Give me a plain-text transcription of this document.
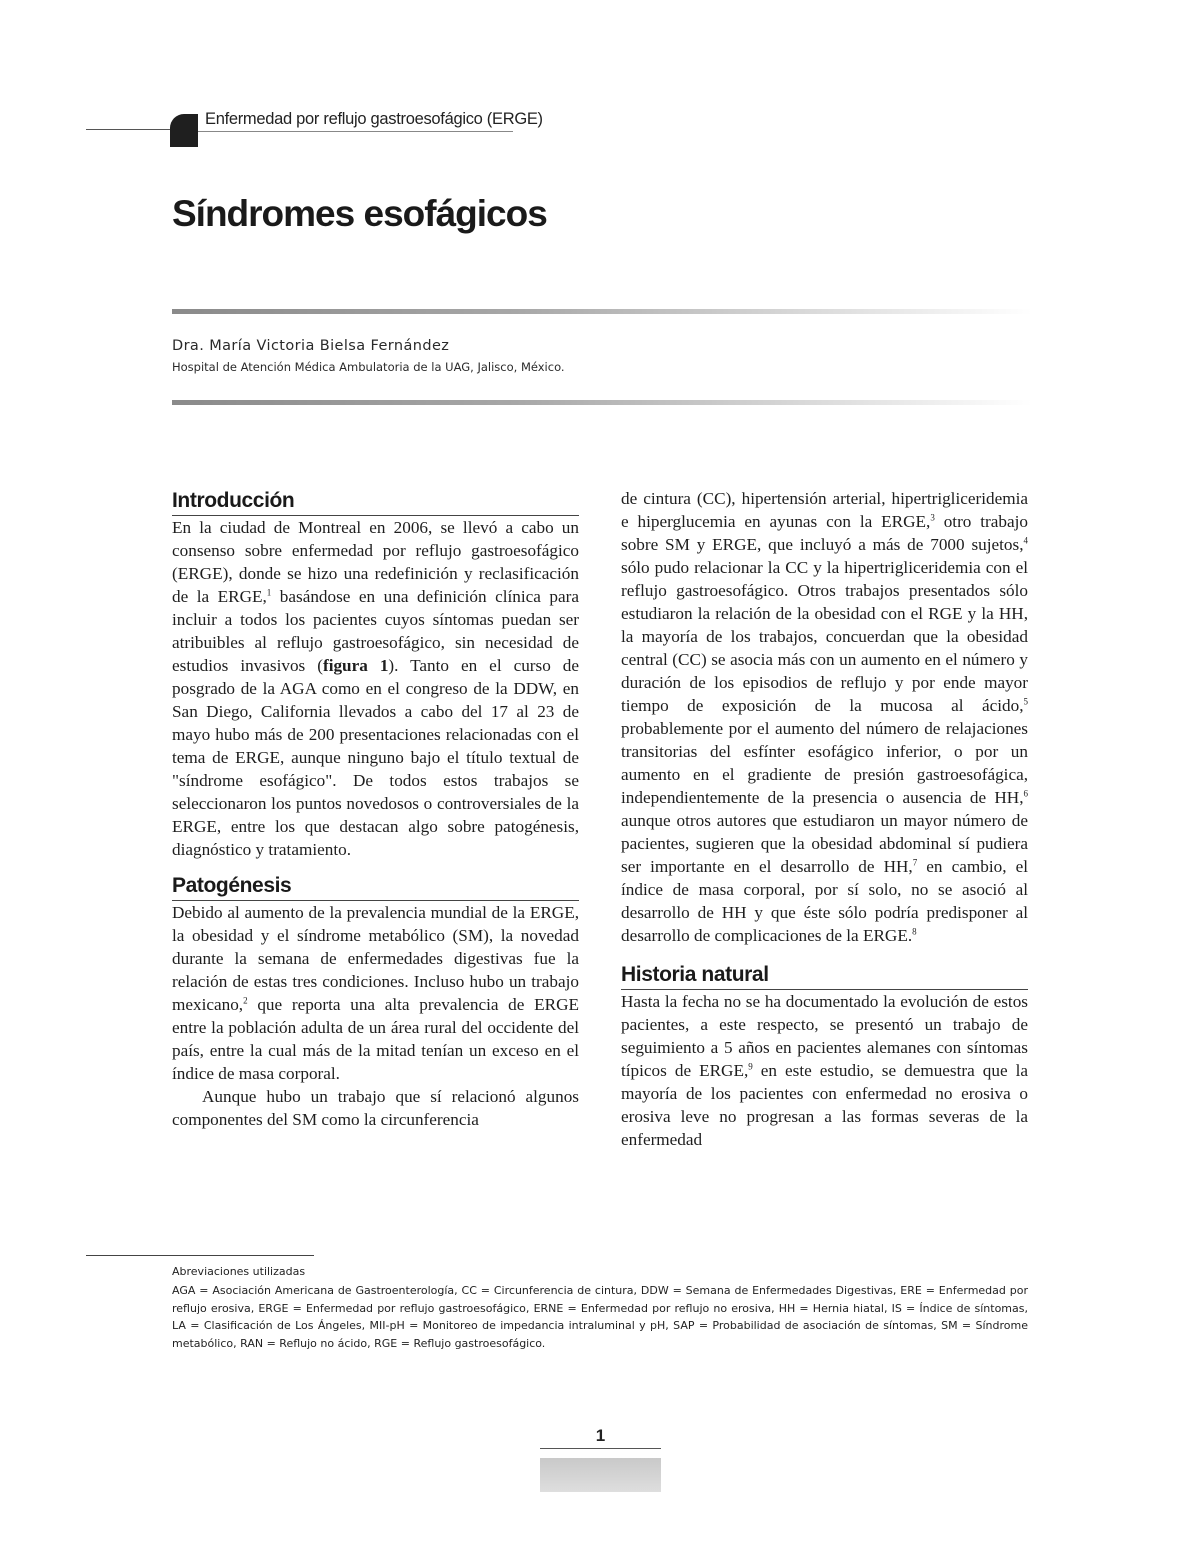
Enfermedad por reflujo gastroesofágico (ERGE)
Síndromes esofágicos
Dra. María Victoria Bielsa Fernández
Hospital de Atención Médica Ambulatoria de la UAG, Jalisco, México.
Introducción

En la ciudad de Montreal en 2006, se llevó a cabo un consenso sobre enfermedad por reflujo gastroesofágico (ERGE), donde se hizo una redefinición y reclasificación de la ERGE,$^1$ basándose en una definición clínica para incluir a todos los pacientes cuyos síntomas puedan ser atribuibles al reflujo gastroesofágico, sin necesidad de estudios invasivos (figura 1). Tanto en el curso de posgrado de la AGA como en el congreso de la DDW, en San Diego, California llevados a cabo del 17 al 23 de mayo hubo más de 200 presentaciones relacionadas con el tema de ERGE, aunque ninguno bajo el título textual de "síndrome esofágico". De todos estos trabajos se seleccionaron los puntos novedosos o controversiales de la ERGE, entre los que destacan algo sobre patogénesis, diagnóstico y tratamiento.

Patogénesis

Debido al aumento de la prevalencia mundial de la ERGE, la obesidad y el síndrome metabólico (SM), la novedad durante la semana de enfermedades digestivas fue la relación de estas tres condiciones. Incluso hubo un trabajo mexicano,$^2$ que reporta una alta prevalencia de ERGE entre la población adulta de un área rural del occidente del país, entre la cual más de la mitad tenían un exceso en el índice de masa corporal.

Aunque hubo un trabajo que sí relacionó algunos componentes del SM como la circunferencia

de cintura (CC), hipertensión arterial, hipertrigliceridemia e hiperglucemia en ayunas con la ERGE,$^3$ otro trabajo sobre SM y ERGE, que incluyó a más de 7000 sujetos,$^4$ sólo pudo relacionar la CC y la hipertrigliceridemia con el reflujo gastroesofágico. Otros trabajos presentados sólo estudiaron la relación de la obesidad con el RGE y la HH, la mayoría de los trabajos, concuerdan que la obesidad central (CC) se asocia más con un aumento en el número y duración de los episodios de reflujo y por ende mayor tiempo de exposición de la mucosa al ácido,$^5$ probablemente por el aumento del número de relajaciones transitorias del esfínter esofágico inferior, o por un aumento en el gradiente de presión gastroesofágica, independientemente de la presencia o ausencia de HH,$^6$ aunque otros autores que estudiaron un mayor número de pacientes, sugieren que la obesidad abdominal sí pudiera ser importante en el desarrollo de HH,$^7$ en cambio, el índice de masa corporal, por sí solo, no se asoció al desarrollo de HH y que éste sólo podría predisponer al desarrollo de complicaciones de la ERGE.$^8$

Historia natural

Hasta la fecha no se ha documentado la evolución de estos pacientes, a este respecto, se presentó un trabajo de seguimiento a 5 años en pacientes alemanes con síntomas típicos de ERGE,$^9$ en este estudio, se demuestra que la mayoría de los pacientes con enfermedad no erosiva o erosiva leve no progresan a las formas severas de la enfermedad

Abreviaciones utilizadas

AGA = Asociación Americana de Gastroenterología, CC = Circunferencia de cintura, DDW = Semana de Enfermedades Digestivas, ERE = Enfermedad por reflujo erosiva, ERGE = Enfermedad por reflujo gastroesofágico, ERNE = Enfermedad por reflujo no erosiva, HH = Hernia hiatal, IS = Índice de síntomas, LA = Clasificación de Los Ángeles, MII-pH = Monitoreo de impedancia intraluminal y pH, SAP = Probabilidad de asociación de síntomas, SM = Síndrome metabólico, RAN = Reflujo no ácido, RGE = Reflujo gastroesofágico.

1
